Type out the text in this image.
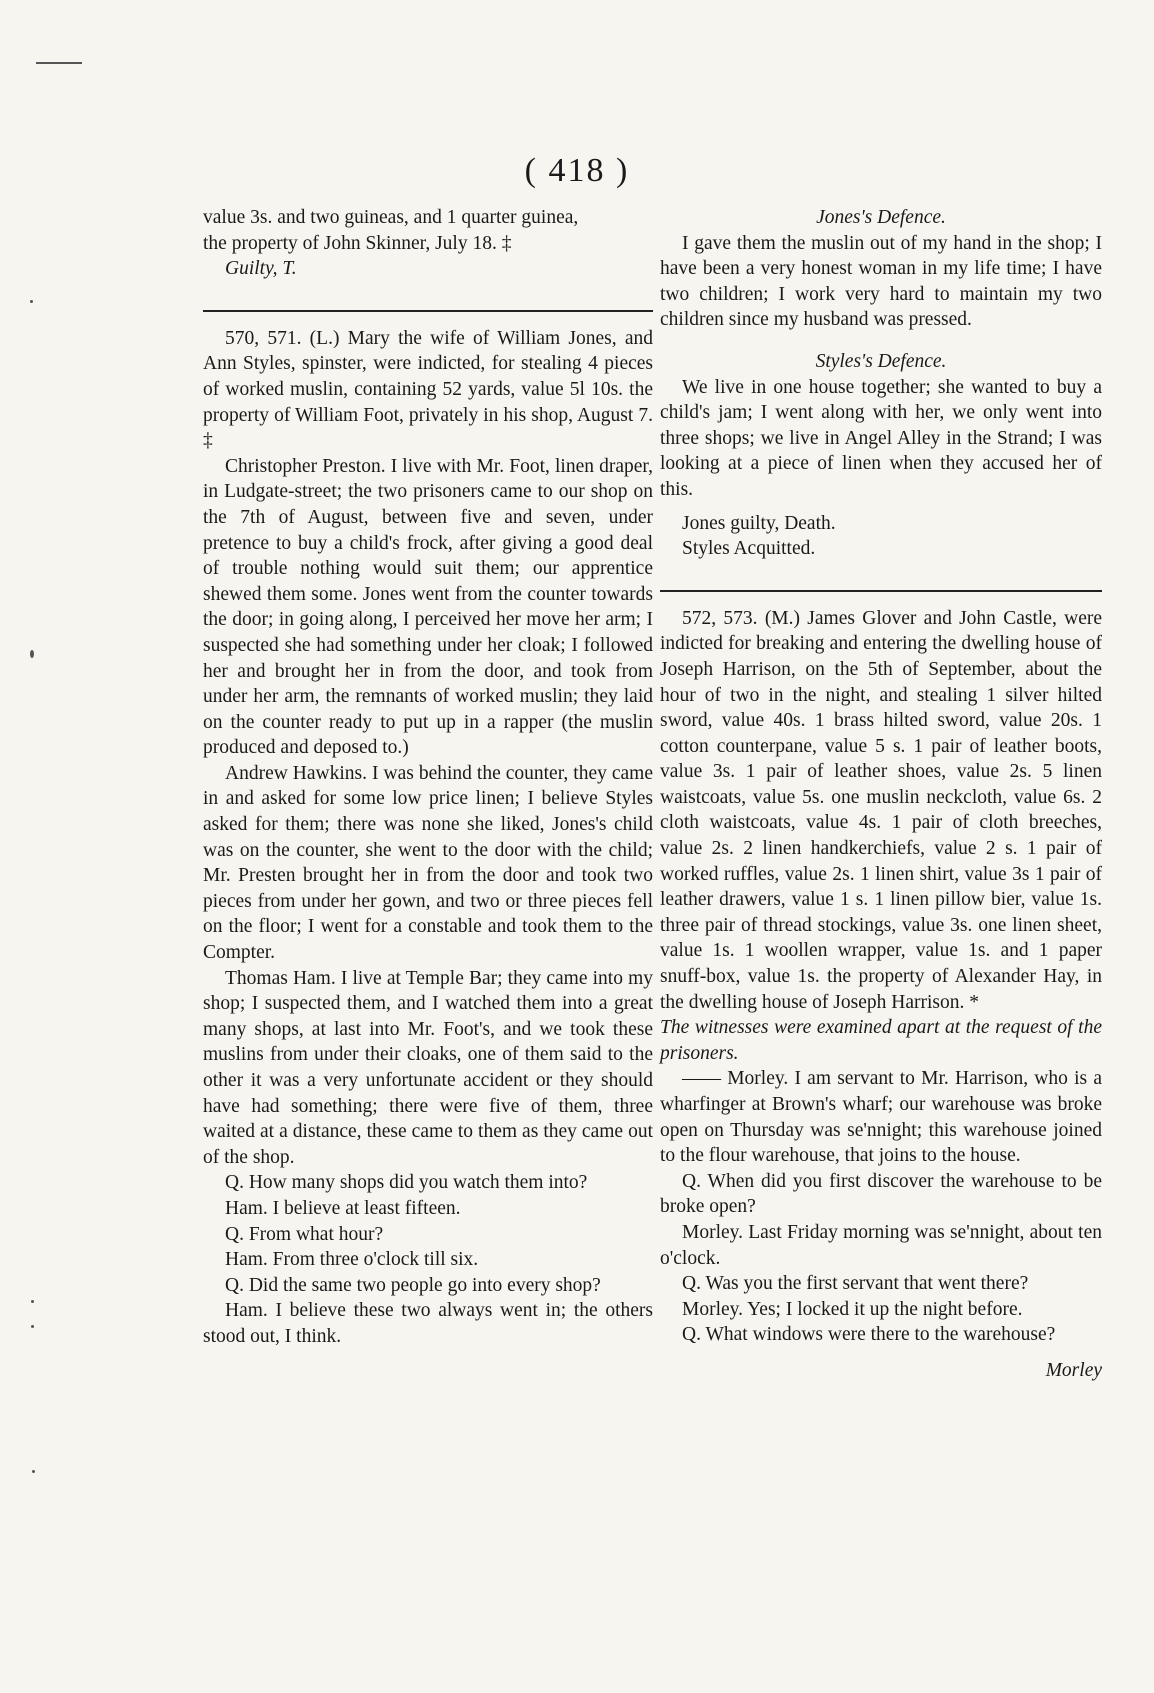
( 418 )

value 3s. and two guineas, and 1 quarter guinea,

the property of John Skinner, July 18. ‡

Guilty, T.

570, 571. (L.) Mary the wife of William Jones, and Ann Styles, spinster, were indicted, for stealing 4 pieces of worked muslin, containing 52 yards, value 5l 10s. the property of William Foot, privately in his shop, August 7. ‡

Christopher Preston. I live with Mr. Foot, linen draper, in Ludgate-street; the two prisoners came to our shop on the 7th of August, between five and seven, under pretence to buy a child's frock, after giving a good deal of trouble nothing would suit them; our apprentice shewed them some. Jones went from the counter towards the door; in going along, I perceived her move her arm; I suspected she had something under her cloak; I followed her and brought her in from the door, and took from under her arm, the remnants of worked muslin; they laid on the counter ready to put up in a rapper (the muslin produced and deposed to.)

Andrew Hawkins. I was behind the counter, they came in and asked for some low price linen; I believe Styles asked for them; there was none she liked, Jones's child was on the counter, she went to the door with the child; Mr. Presten brought her in from the door and took two pieces from under her gown, and two or three pieces fell on the floor; I went for a constable and took them to the Compter.

Thomas Ham. I live at Temple Bar; they came into my shop; I suspected them, and I watched them into a great many shops, at last into Mr. Foot's, and we took these muslins from under their cloaks, one of them said to the other it was a very unfortunate accident or they should have had something; there were five of them, three waited at a distance, these came to them as they came out of the shop.

Q. How many shops did you watch them into?

Ham. I believe at least fifteen.

Q. From what hour?

Ham. From three o'clock till six.

Q. Did the same two people go into every shop?

Ham. I believe these two always went in; the others stood out, I think.

Jones's Defence.

I gave them the muslin out of my hand in the shop; I have been a very honest woman in my life time; I have two children; I work very hard to maintain my two children since my husband was pressed.

Styles's Defence.

We live in one house together; she wanted to buy a child's jam; I went along with her, we only went into three shops; we live in Angel Alley in the Strand; I was looking at a piece of linen when they accused her of this.

Jones guilty, Death.

Styles Acquitted.

572, 573. (M.) James Glover and John Castle, were indicted for breaking and entering the dwelling house of Joseph Harrison, on the 5th of September, about the hour of two in the night, and stealing 1 silver hilted sword, value 40s. 1 brass hilted sword, value 20s. 1 cotton counterpane, value 5 s. 1 pair of leather boots, value 3s. 1 pair of leather shoes, value 2s. 5 linen waistcoats, value 5s. one muslin neckcloth, value 6s. 2 cloth waistcoats, value 4s. 1 pair of cloth breeches, value 2s. 2 linen handkerchiefs, value 2 s. 1 pair of worked ruffles, value 2s. 1 linen shirt, value 3s 1 pair of leather drawers, value 1 s. 1 linen pillow bier, value 1s. three pair of thread stockings, value 3s. one linen sheet, value 1s. 1 woollen wrapper, value 1s. and 1 paper snuff-box, value 1s. the property of Alexander Hay, in the dwelling house of Joseph Harrison. *

The witnesses were examined apart at the request of the prisoners.

—— Morley. I am servant to Mr. Harrison, who is a wharfinger at Brown's wharf; our warehouse was broke open on Thursday was se'nnight; this warehouse joined to the flour warehouse, that joins to the house.

Q. When did you first discover the warehouse to be broke open?

Morley. Last Friday morning was se'nnight, about ten o'clock.

Q. Was you the first servant that went there?

Morley. Yes; I locked it up the night before.

Q. What windows were there to the warehouse?

Morley
